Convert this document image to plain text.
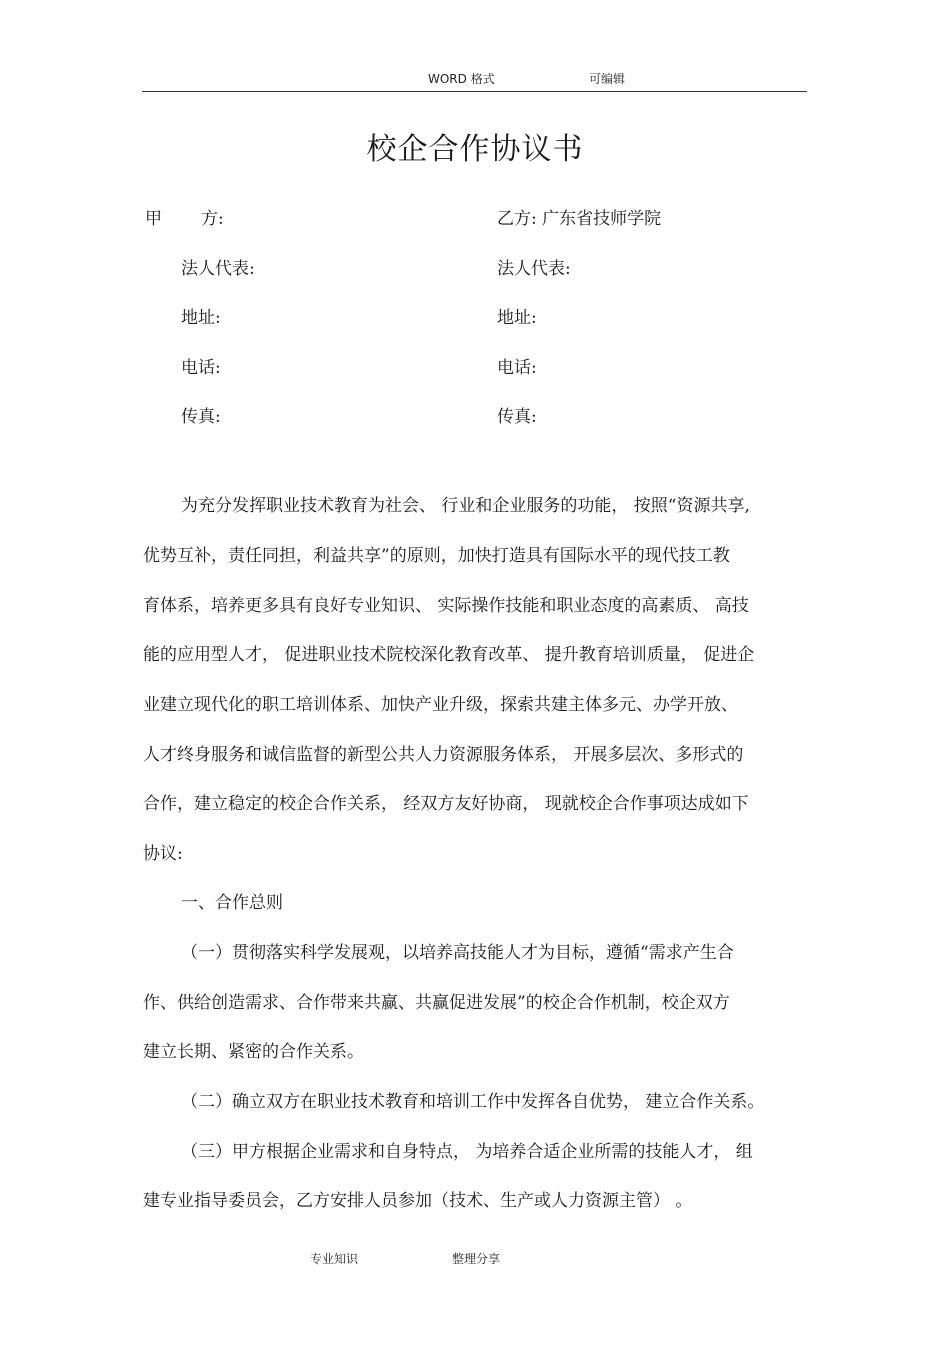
WORD 格式	可编辑
校企合作协议书
甲 方:	乙方: 广东省技师学院
法人代表:	法人代表:
地址:	地址:
电话:	电话:
传真:	传真:
为充分发挥职业技术教育为社会、 行业和企业服务的功能， 按照“资源共享,
优势互补，责任同担，利益共享”的原则，加快打造具有国际水平的现代技工教
育体系，培养更多具有良好专业知识、 实际操作技能和职业态度的高素质、 高技
能的应用型人才， 促进职业技术院校深化教育改革、 提升教育培训质量， 促进企
业建立现代化的职工培训体系、加快产业升级，探索共建主体多元、办学开放、
人才终身服务和诚信监督的新型公共人力资源服务体系， 开展多层次、多形式的
合作，建立稳定的校企合作关系， 经双方友好协商， 现就校企合作事项达成如下
协议:
一、合作总则
（一）贯彻落实科学发展观，以培养高技能人才为目标，遵循“需求产生合
作、供给创造需求、合作带来共赢、共赢促进发展”的校企合作机制，校企双方
建立长期、紧密的合作关系。
（二）确立双方在职业技术教育和培训工作中发挥各自优势， 建立合作关系。
（三）甲方根据企业需求和自身特点， 为培养合适企业所需的技能人才， 组
建专业指导委员会，乙方安排人员参加（技术、生产或人力资源主管） 。
专业知识	整理分享
